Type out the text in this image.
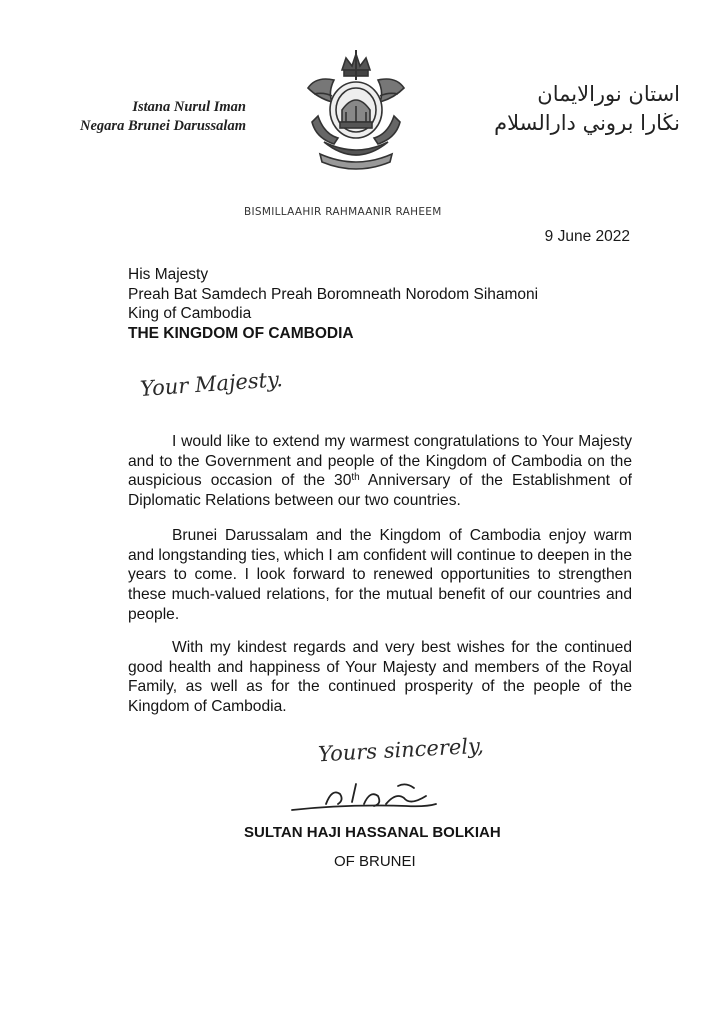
Istana Nurul Iman
Negara Brunei Darussalam
استان نورالايمان
نڬارا بروني دارالسلام
BISMILLAAHIR RAHMAANIR RAHEEM
9 June 2022
His Majesty
Preah Bat Samdech Preah Boromneath Norodom Sihamoni
King of Cambodia
THE KINGDOM OF CAMBODIA
Your Majesty.

I would like to extend my warmest congratulations to Your Majesty and to the Government and people of the Kingdom of Cambodia on the auspicious occasion of the 30th Anniversary of the Establishment of Diplomatic Relations between our two countries.

Brunei Darussalam and the Kingdom of Cambodia enjoy warm and longstanding ties, which I am confident will continue to deepen in the years to come. I look forward to renewed opportunities to strengthen these much-valued relations, for the mutual benefit of our countries and people.

With my kindest regards and very best wishes for the continued good health and happiness of Your Majesty and members of the Royal Family, as well as for the continued prosperity of the people of the Kingdom of Cambodia.

Yours sincerely,
SULTAN HAJI HASSANAL BOLKIAH
OF BRUNEI
